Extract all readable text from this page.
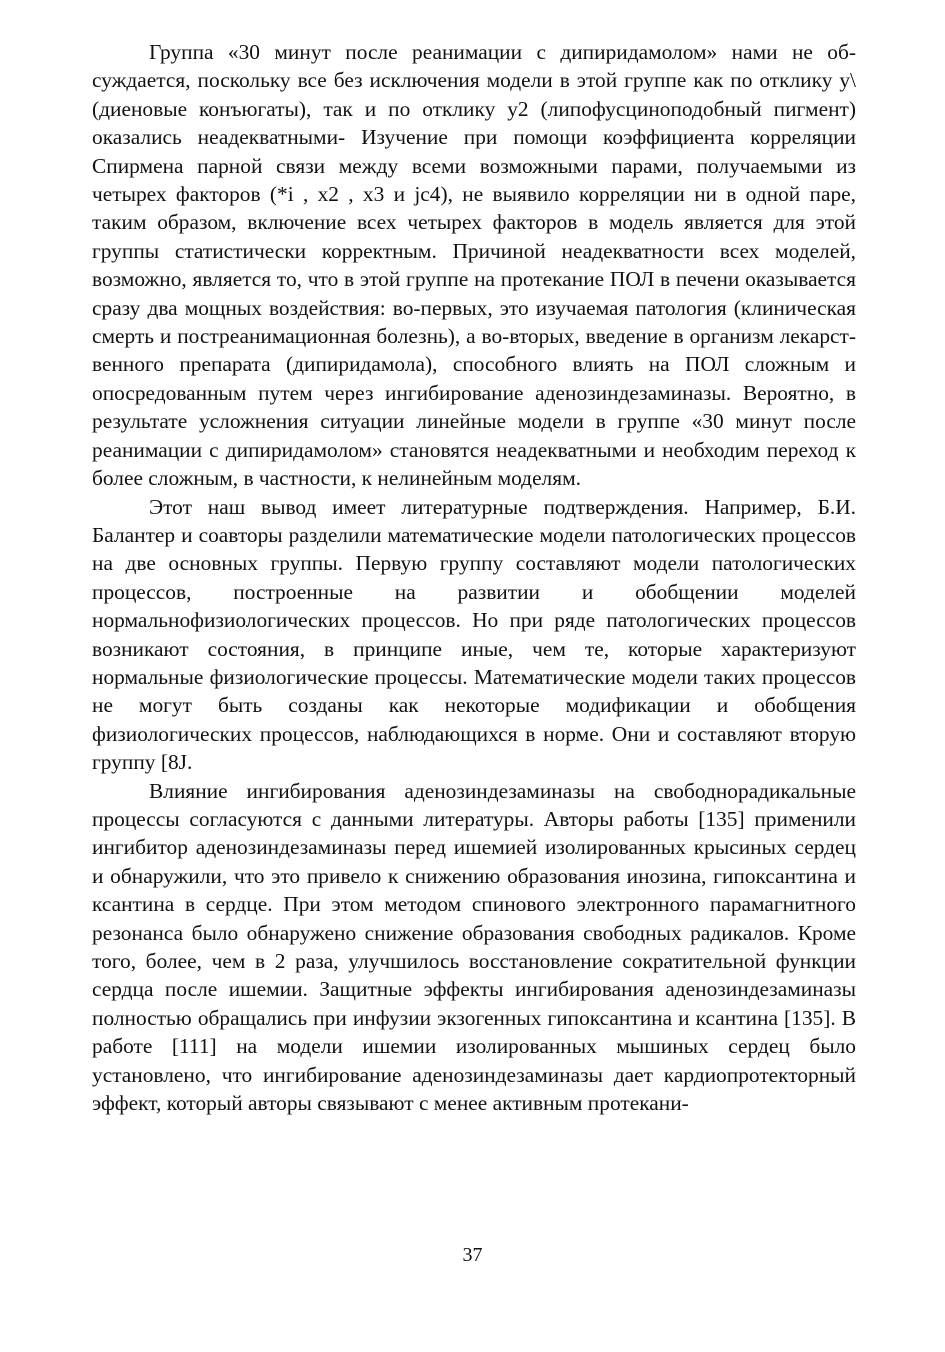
Группа «30 минут после реанимации с дипиридамолом» нами не обсуждается, поскольку все без исключения модели в этой группе как по отклику у\ (диеновые конъюгаты), так и по отклику у2 (липофусциноподобный пигмент) оказались неадекватными- Изучение при помощи коэффициента корреляции Спирмена парной связи между всеми возможными парами, получаемыми из четырех факторов (*i , х2 , х3 и jc4), не выявило корреляции ни в одной паре, таким образом, включение всех четырех факторов в модель является для этой группы статистически корректным. Причиной неадекватности всех моделей, возможно, является то, что в этой группе на протекание ПОЛ в печени оказывается сразу два мощных воздействия: во-первых, это изучаемая патология (клиническая смерть и постреанимационная болезнь), а во-вторых, введение в организм лекарственного препарата (дипиридамола), способного влиять на ПОЛ сложным и опосредованным путем через ингибирование аденозиндезаминазы. Вероятно, в результате усложнения ситуации линейные модели в группе «30 минут после реанимации с дипиридамолом» становятся неадекватными и необходим переход к более сложным, в частности, к нелинейным моделям.

Этот наш вывод имеет литературные подтверждения. Например, Б.И. Балантер и соавторы разделили математические модели патологических процессов на две основных группы. Первую группу составляют модели патологических процессов, построенные на развитии и обобщении моделей нормальнофизиологических процессов. Но при ряде патологических процессов возникают состояния, в принципе иные, чем те, которые характеризуют нормальные физиологические процессы. Математические модели таких процессов не могут быть созданы как некоторые модификации и обобщения физиологических процессов, наблюдающихся в норме. Они и составляют вторую группу [8J.

Влияние ингибирования аденозиндезаминазы на свободнорадикальные процессы согласуются с данными литературы. Авторы работы [135] применили ингибитор аденозиндезаминазы перед ишемией изолированных крысиных сердец и обнаружили, что это привело к снижению образования инозина, гипоксантина и ксантина в сердце. При этом методом спинового электронного парамагнитного резонанса было обнаружено снижение образования свободных радикалов. Кроме того, более, чем в 2 раза, улучшилось восстановление сократительной функции сердца после ишемии. Защитные эффекты ингибирования аденозиндезаминазы полностью обращались при инфузии экзогенных гипоксантина и ксантина [135]. В работе [111] на модели ишемии изолированных мышиных сердец было установлено, что ингибирование аденозиндезаминазы дает кардиопротекторный эффект, который авторы связывают с менее активным протекани-

37
